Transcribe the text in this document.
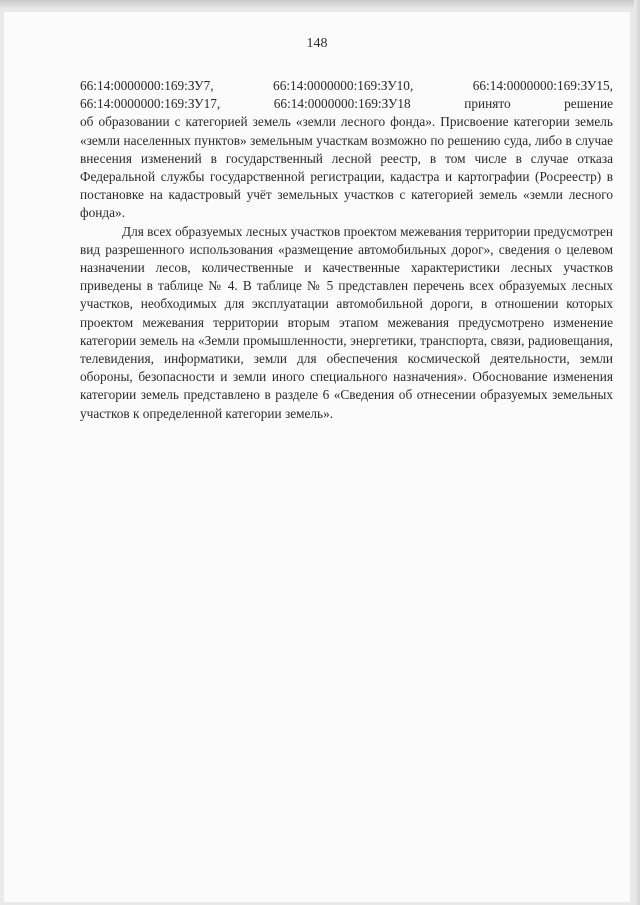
148

66:14:0000000:169:ЗУ7,	66:14:0000000:169:ЗУ10,	66:14:0000000:169:ЗУ15,
66:14:0000000:169:ЗУ17,	66:14:0000000:169:ЗУ18	принято	решение

об образовании с категорией земель «земли лесного фонда». Присвоение категории земель «земли населенных пунктов» земельным участкам возможно по решению суда, либо в случае внесения изменений в государственный лесной реестр, в том числе в случае отказа Федеральной службы государственной регистрации, кадастра и картографии (Росреестр) в постановке на кадастровый учёт земельных участков с категорией земель «земли лесного фонда».

Для всех образуемых лесных участков проектом межевания территории предусмотрен вид разрешенного использования «размещение автомобильных дорог», сведения о целевом назначении лесов, количественные и качественные характеристики лесных участков приведены в таблице № 4. В таблице № 5 представлен перечень всех образуемых лесных участков, необходимых для эксплуатации автомобильной дороги, в отношении которых проектом межевания территории вторым этапом межевания предусмотрено изменение категории земель на «Земли промышленности, энергетики, транспорта, связи, радиовещания, телевидения, информатики, земли для обеспечения космической деятельности, земли обороны, безопасности и земли иного специального назначения». Обоснование изменения категории земель представлено в разделе 6 «Сведения об отнесении образуемых земельных участков к определенной категории земель».
